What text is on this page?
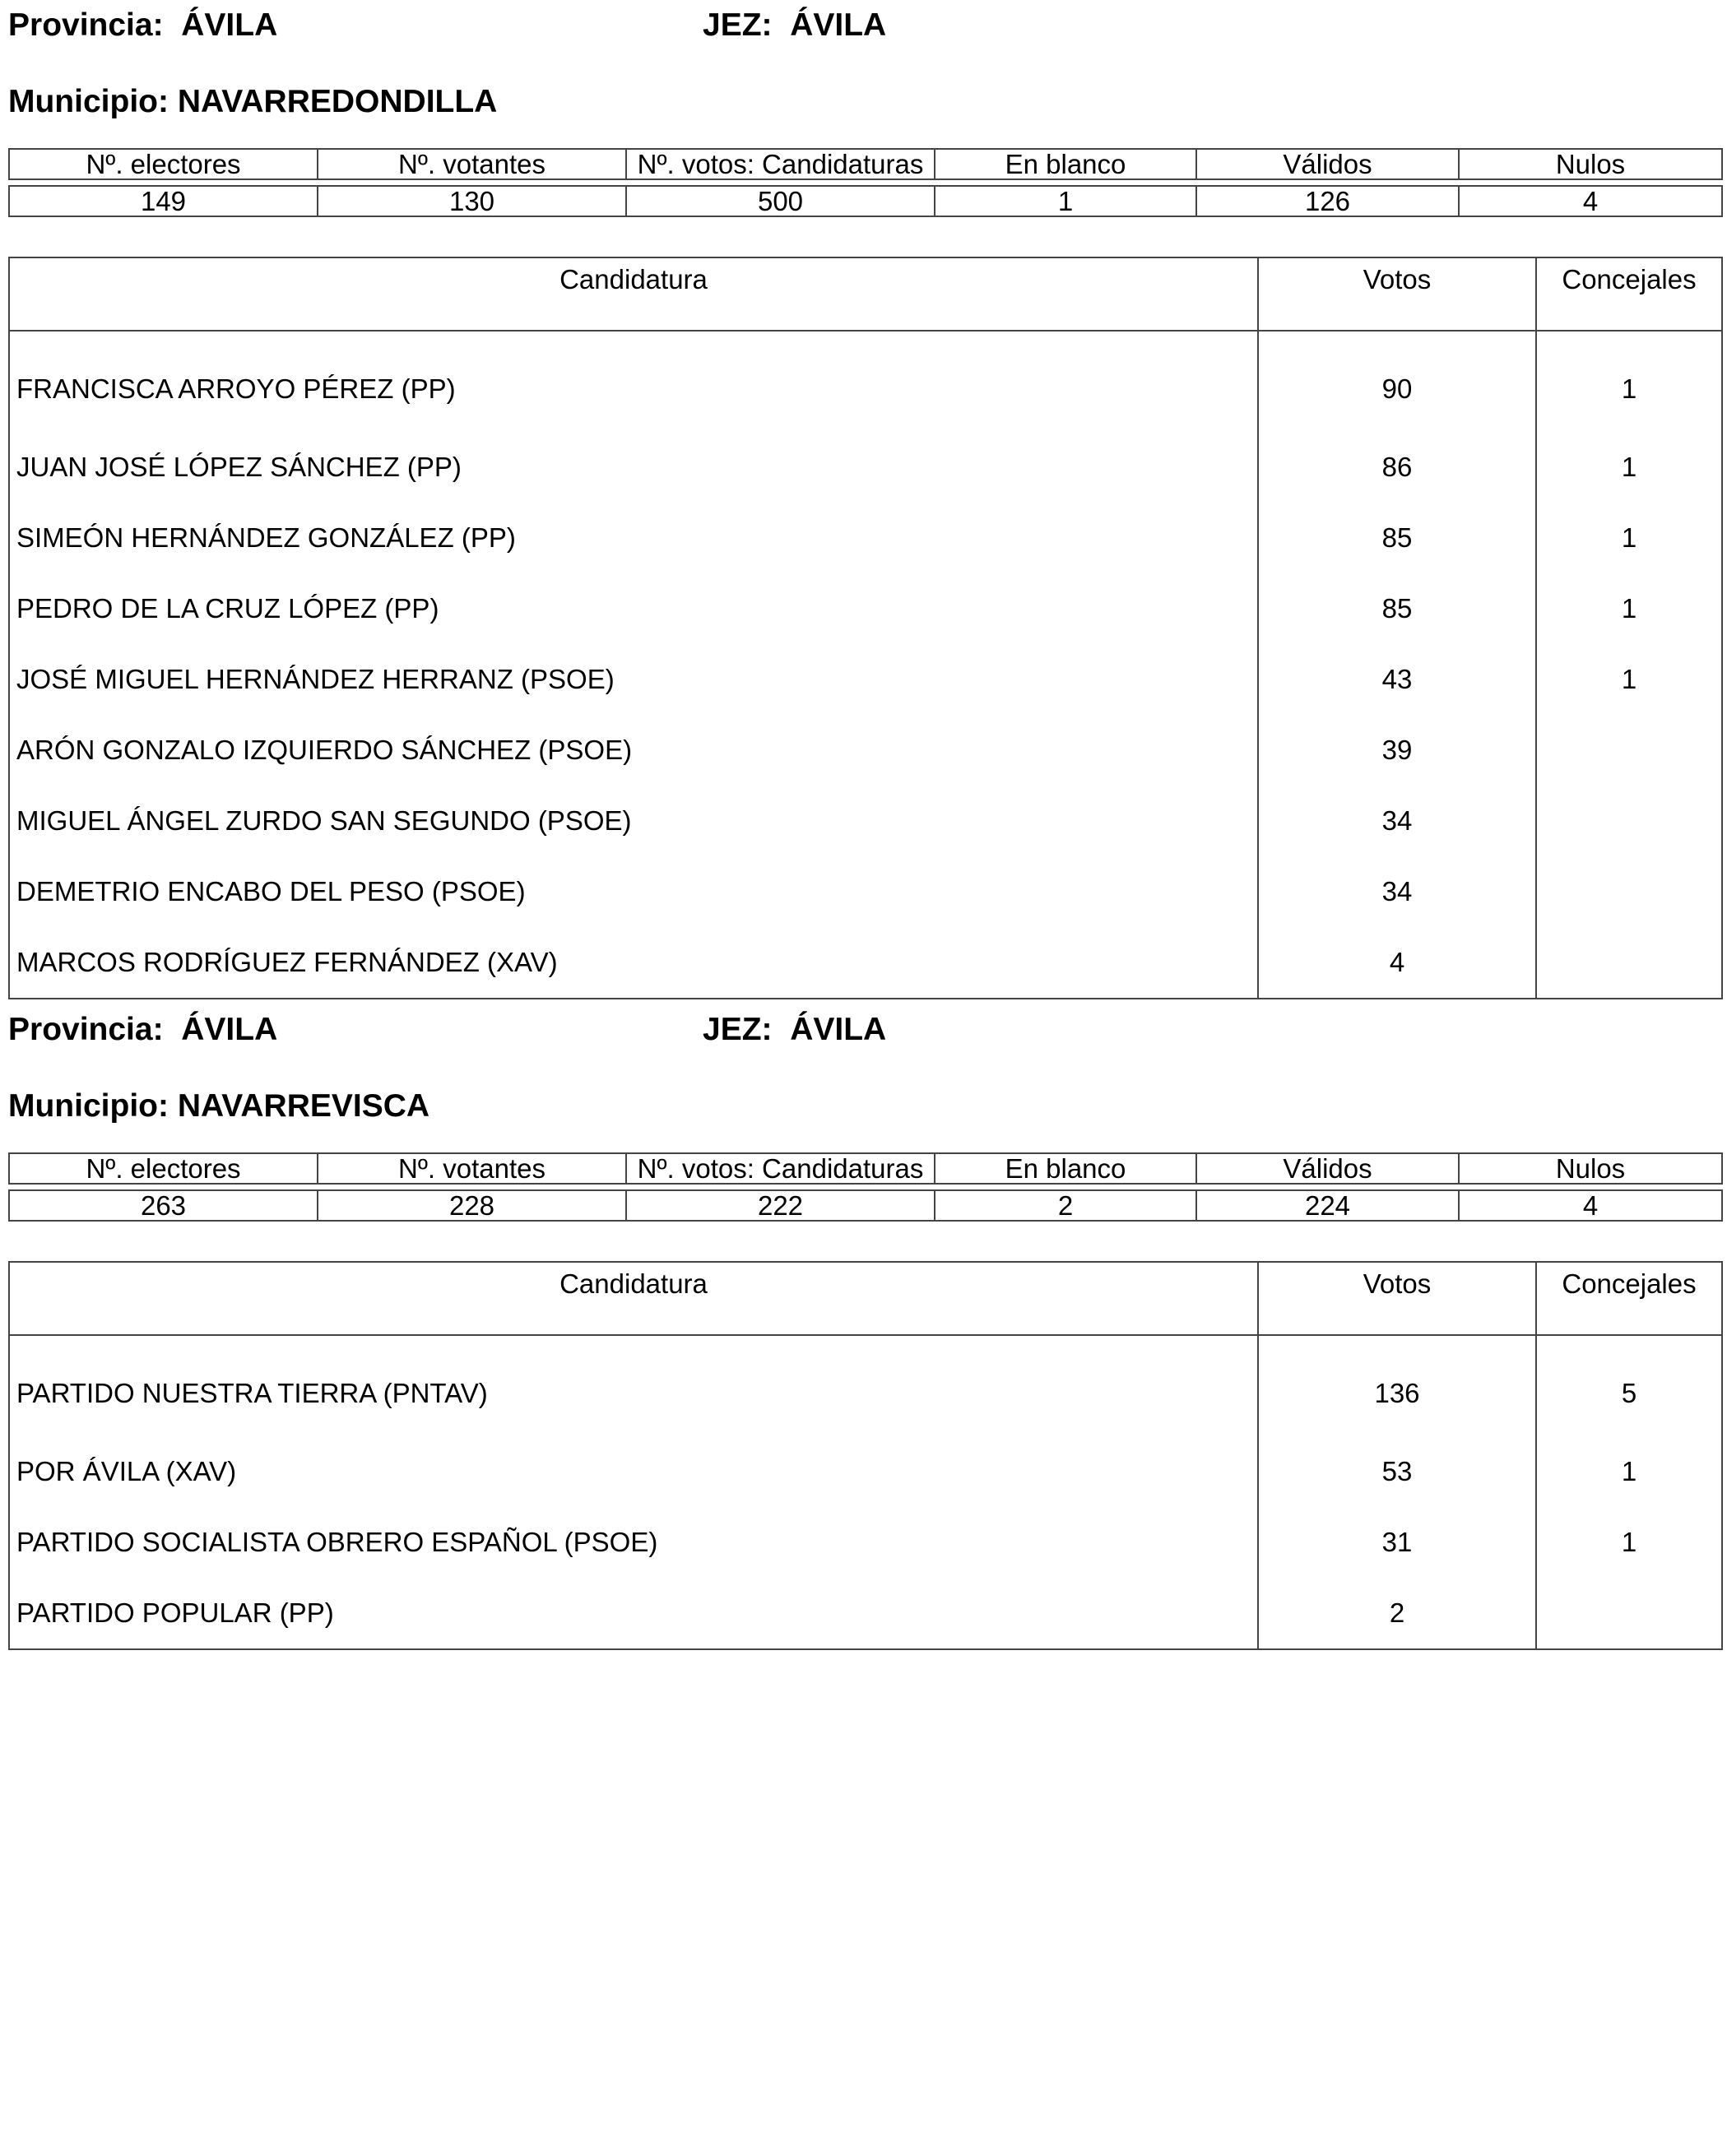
Provincia: ÁVILA	JEZ: ÁVILA
Municipio: NAVARREDONDILLA
Nº. electores	Nº. votantes	Nº. votos: Candidaturas	En blanco	Válidos	Nulos

149	130	500	1	126	4
Candidatura	Votos	Concejales
FRANCISCA ARROYO PÉREZ (PP)	90	1
JUAN JOSÉ LÓPEZ SÁNCHEZ (PP)	86	1
SIMEÓN HERNÁNDEZ GONZÁLEZ (PP)	85	1
PEDRO DE LA CRUZ LÓPEZ (PP)	85	1
JOSÉ MIGUEL HERNÁNDEZ HERRANZ (PSOE)	43	1
ARÓN GONZALO IZQUIERDO SÁNCHEZ (PSOE)	39	
MIGUEL ÁNGEL ZURDO SAN SEGUNDO (PSOE)	34	
DEMETRIO ENCABO DEL PESO (PSOE)	34	
MARCOS RODRÍGUEZ FERNÁNDEZ (XAV)	4	
Provincia: ÁVILA	JEZ: ÁVILA
Municipio: NAVARREVISCA
Nº. electores	Nº. votantes	Nº. votos: Candidaturas	En blanco	Válidos	Nulos

263	228	222	2	224	4
Candidatura	Votos	Concejales
PARTIDO NUESTRA TIERRA (PNTAV)	136	5
POR ÁVILA (XAV)	53	1
PARTIDO SOCIALISTA OBRERO ESPAÑOL (PSOE)	31	1
PARTIDO POPULAR (PP)	2	
